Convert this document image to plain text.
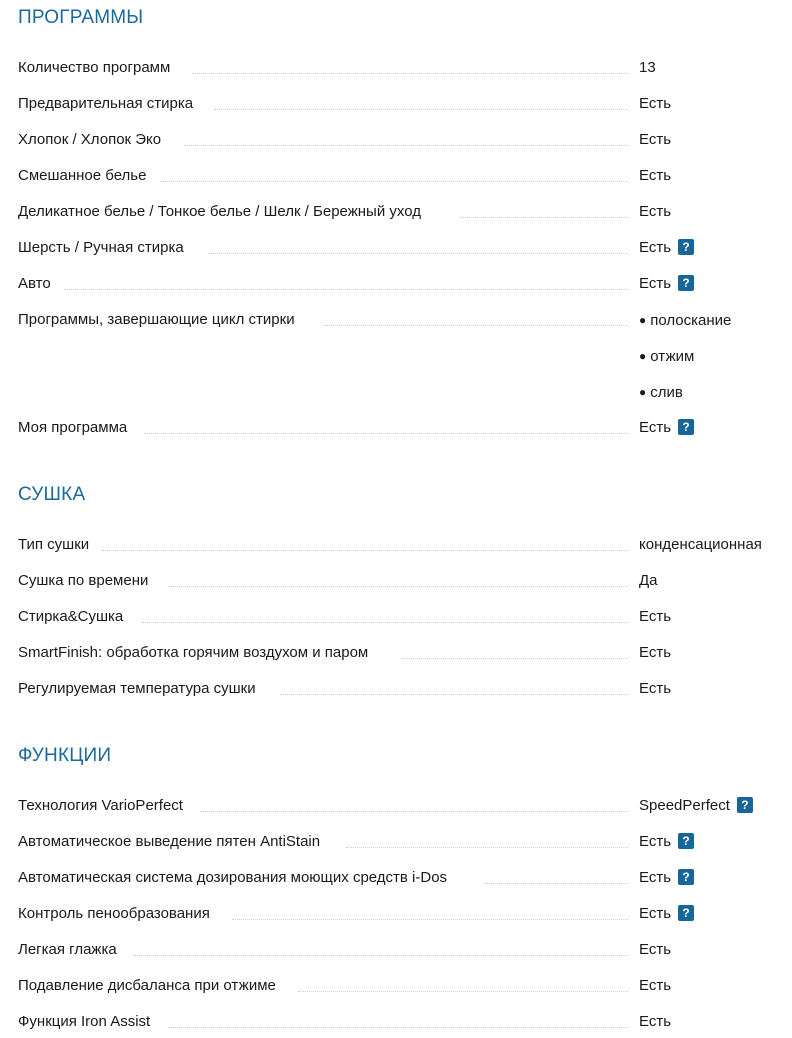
ПРОГРАММЫ
Количество программ	13
Предварительная стирка	Есть
Хлопок / Хлопок Эко	Есть
Смешанное белье	Есть
Деликатное белье / Тонкое белье / Шелк / Бережный уход	Есть
Шерсть / Ручная стирка	Есть ?
Авто	Есть ?
Программы, завершающие цикл стирки	● полоскание
● отжим
● слив
Моя программа	Есть ?
СУШКА
Тип сушки	конденсационная
Сушка по времени	Да
Стирка&Сушка	Есть
SmartFinish: обработка горячим воздухом и паром	Есть
Регулируемая температура сушки	Есть
ФУНКЦИИ
Технология VarioPerfect	SpeedPerfect ?
Автоматическое выведение пятен AntiStain	Есть ?
Автоматическая система дозирования моющих средств i-Dos	Есть ?
Контроль пенообразования	Есть ?
Легкая глажка	Есть
Подавление дисбаланса при отжиме	Есть
Функция Iron Assist	Есть
